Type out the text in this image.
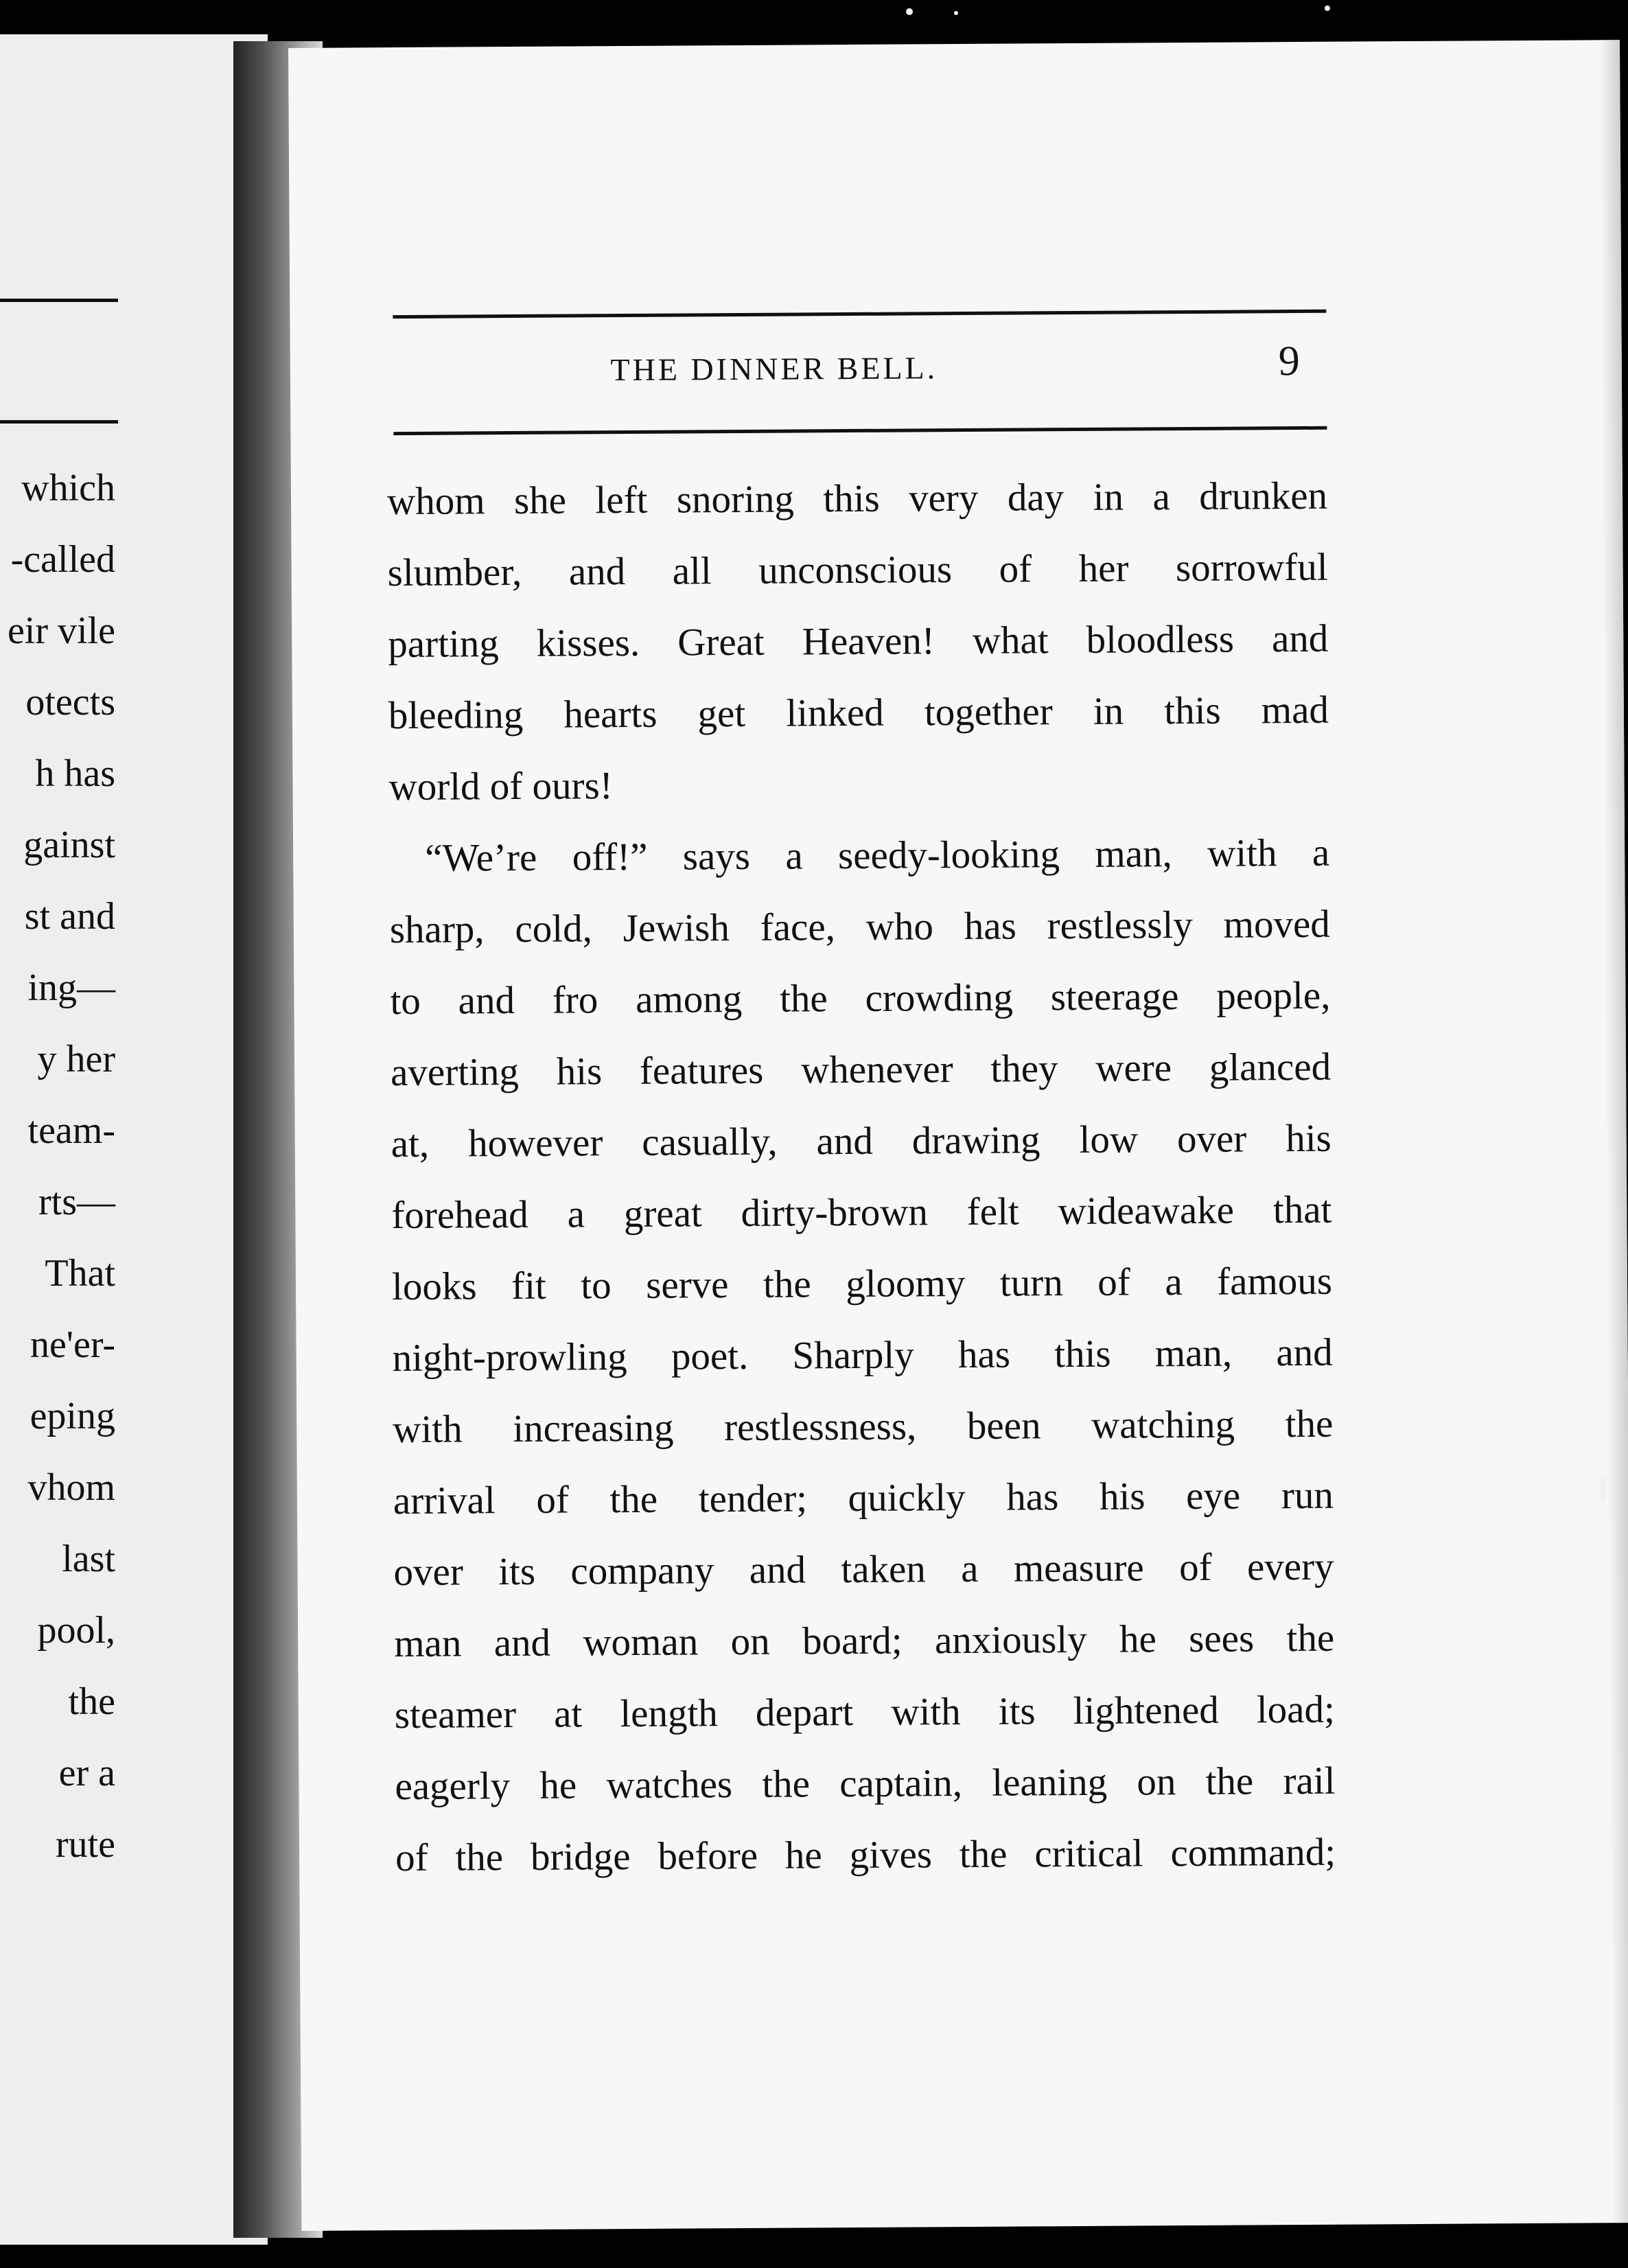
which
-called
eir vile
otects
h has
gainst
st and
ing—
y her
team-
rts—
That
ne'er-
eping
vhom
last
pool,
the
er a
rute
THE DINNER BELL.	9
whom she left snoring this very day in a drunken
slumber, and all unconscious of her sorrowful
parting kisses. Great Heaven! what bloodless and
bleeding hearts get linked together in this mad
world of ours!
“We’re off!” says a seedy-looking man, with a
sharp, cold, Jewish face, who has restlessly moved
to and fro among the crowding steerage people,
averting his features whenever they were glanced
at, however casually, and drawing low over his
forehead a great dirty-brown felt wideawake that
looks fit to serve the gloomy turn of a famous
night-prowling poet. Sharply has this man, and
with increasing restlessness, been watching the
arrival of the tender; quickly has his eye run
over its company and taken a measure of every
man and woman on board; anxiously he sees the
steamer at length depart with its lightened load;
eagerly he watches the captain, leaning on the rail
of the bridge before he gives the critical command;
